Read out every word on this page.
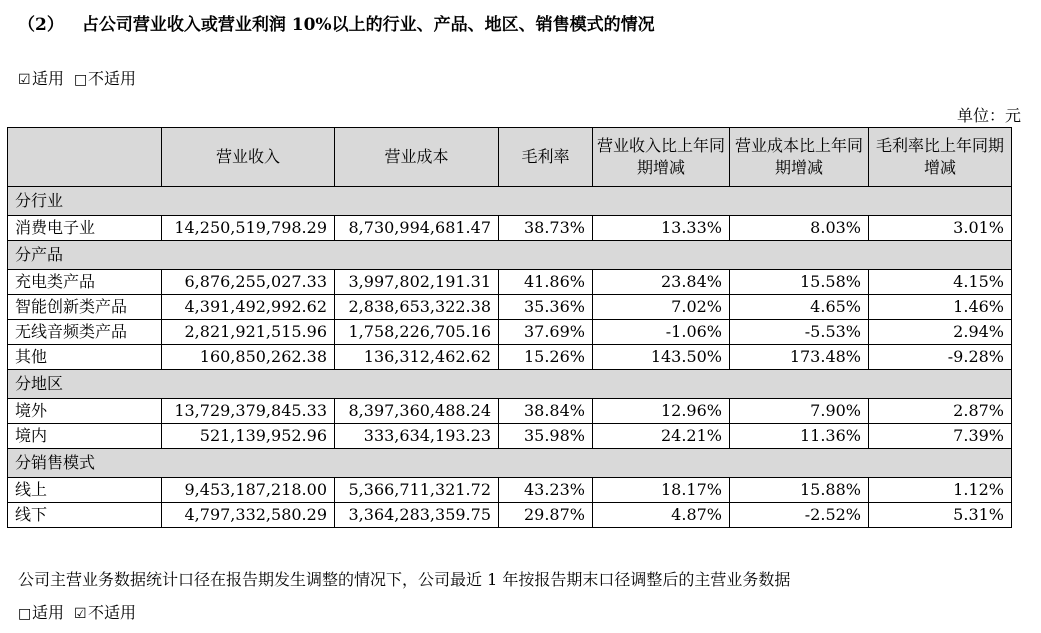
（2） 占公司营业收入或营业利润 10%以上的行业、产品、地区、销售模式的情况
☑适用 □不适用
单位：元
	营业收入	营业成本	毛利率	营业收入比上年同期增减	营业成本比上年同期增减	毛利率比上年同期增减
分行业						
消费电子业	14,250,519,798.29	8,730,994,681.47	38.73%	13.33%	8.03%	3.01%
分产品						
充电类产品	6,876,255,027.33	3,997,802,191.31	41.86%	23.84%	15.58%	4.15%
智能创新类产品	4,391,492,992.62	2,838,653,322.38	35.36%	7.02%	4.65%	1.46%
无线音频类产品	2,821,921,515.96	1,758,226,705.16	37.69%	-1.06%	-5.53%	2.94%
其他	160,850,262.38	136,312,462.62	15.26%	143.50%	173.48%	-9.28%
分地区						
境外	13,729,379,845.33	8,397,360,488.24	38.84%	12.96%	7.90%	2.87%
境内	521,139,952.96	333,634,193.23	35.98%	24.21%	11.36%	7.39%
分销售模式						
线上	9,453,187,218.00	5,366,711,321.72	43.23%	18.17%	15.88%	1.12%
线下	4,797,332,580.29	3,364,283,359.75	29.87%	4.87%	-2.52%	5.31%
公司主营业务数据统计口径在报告期发生调整的情况下，公司最近 1 年按报告期末口径调整后的主营业务数据
□适用 ☑不适用
